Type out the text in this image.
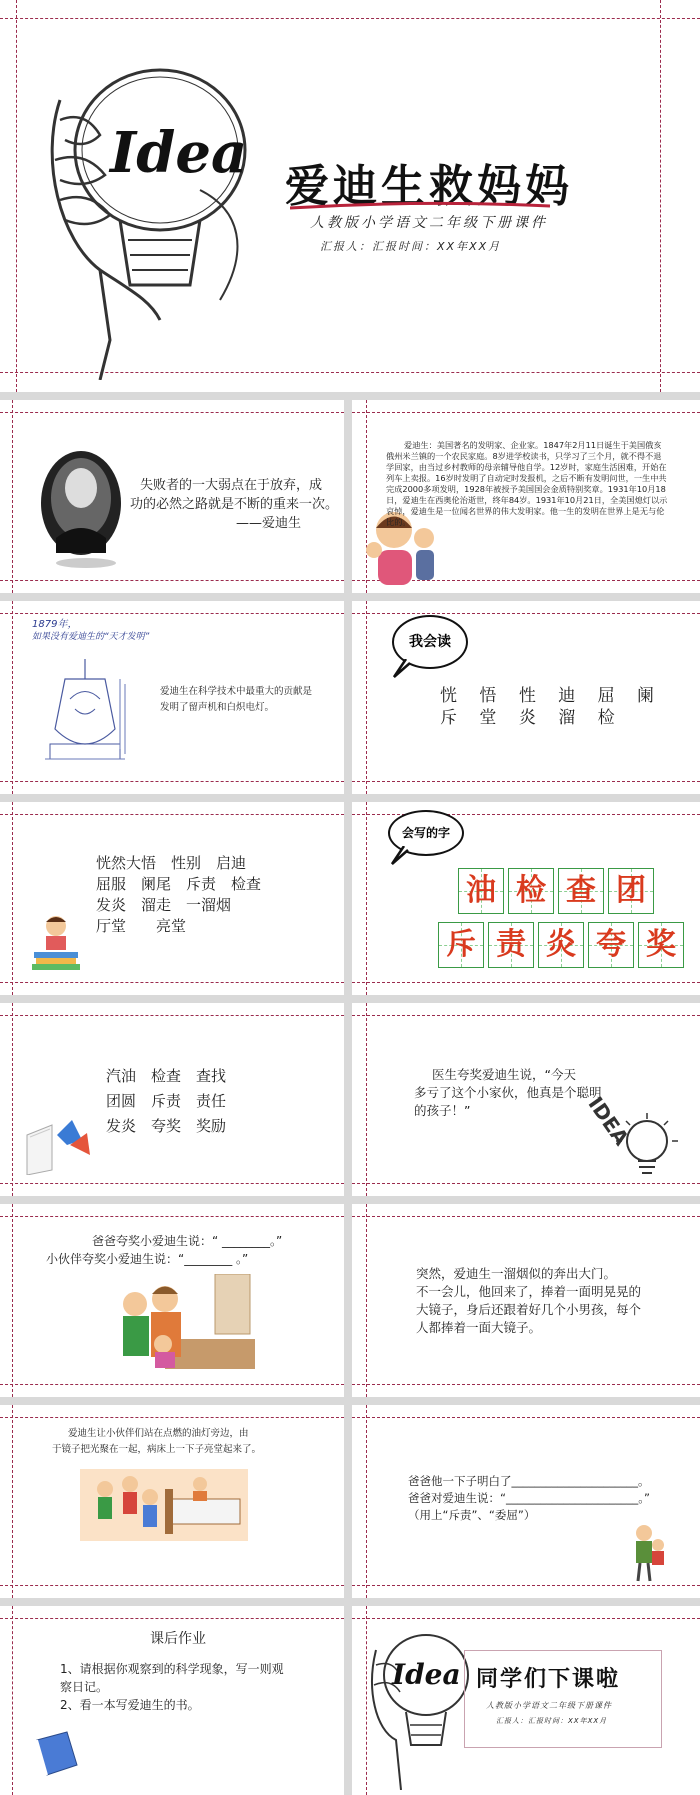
Idea
爱迪生救妈妈
人教版小学语文二年级下册课件
汇报人：汇报时间：XX年XX月
失败者的一大弱点在于放弃，成
功的必然之路就是不断的重来一次。
——爱迪生
爱迪生：美国著名的发明家、企业家。1847年2月11日诞生于美国俄亥俄州米兰镇的一个农民家庭。8岁进学校读书，只学习了三个月，就不得不退学回家，由当过乡村教师的母亲辅导他自学。12岁时，家庭生活困难，开始在列车上卖报。16岁时发明了自动定时发报机，之后不断有发明问世，一生中共完成2000多项发明，1928年被授予美国国会金质特别奖章。1931年10月18日，爱迪生在西奥伦治逝世，终年84岁。1931年10月21日，全美国熄灯以示哀悼，爱迪生是一位闻名世界的伟大发明家。他一生的发明在世界上是无与伦比的。
1879年，
如果没有爱迪生的“天才发明”
爱迪生在科学技术中最重大的贡献是
发明了留声机和白炽电灯。
我会读
恍　 悟　 性　 迪　 屈　 阑
斥　 堂　 炎　 溜　 检
恍然大悟　性别　启迪
屈服　阑尾　斥责　检查
发炎　溜走　一溜烟
厅堂　　亮堂
会写的字
油 检 查 团
斥 责 炎 夸 奖
汽油　检查　查找
团圆　斥责　责任
发炎　夸奖　奖励
医生夸奖爱迪生说，“今天
多亏了这个小家伙，他真是个聪明
的孩子！”	IDEA
爸爸夸奖小爱迪生说：“ ________。”
小伙伴夸奖小爱迪生说：“________ 。”
突然，爱迪生一溜烟似的奔出大门。
不一会儿，他回来了，捧着一面明晃晃的
大镜子，身后还跟着好几个小男孩，每个
人都捧着一面大镜子。
爱迪生让小伙伴们站在点燃的油灯旁边，由
于镜子把光聚在一起，病床上一下子亮堂起来了。
爸爸他一下子明白了______________________。
爸爸对爱迪生说：“_______________________。”
（用上“斥责”、“委屈”）
课后作业
1、请根据你观察到的科学现象，写一则观
察日记。
2、看一本写爱迪生的书。
Idea 同学们下课啦
人教版小学语文二年级下册课件
汇报人：汇报时间：XX年XX月
